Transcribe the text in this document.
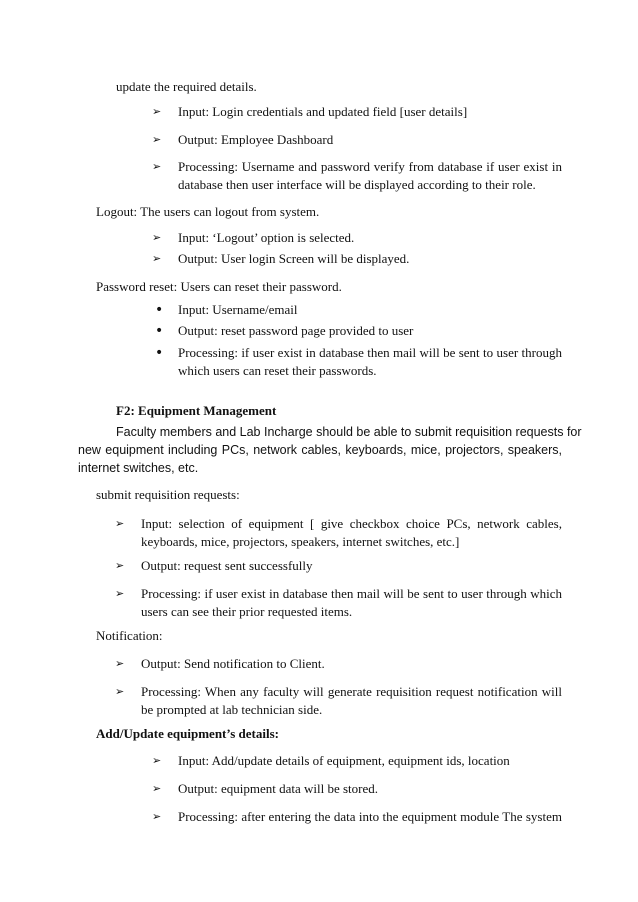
update the required details.
➢	Input: Login credentials and updated field [user details]
➢	Output: Employee Dashboard
➢	Processing: Username and password verify from database if user exist in database then user interface will be displayed according to their role.
Logout: The users can logout from system.
➢	Input: ‘Logout’ option is selected.
➢	Output: User login Screen will be displayed.
Password reset: Users can reset their password.
•	Input: Username/email
•	Output: reset password page provided to user
•	Processing: if user exist in database then mail will be sent to user through which users can reset their passwords.
F2: Equipment Management
Faculty members and Lab Incharge should be able to submit requisition requests for
new equipment including PCs, network cables, keyboards, mice, projectors, speakers,
internet switches, etc.
submit requisition requests:
➢	Input: selection of equipment [ give checkbox choice PCs, network cables, keyboards, mice, projectors, speakers, internet switches, etc.]
➢	Output: request sent successfully
➢	Processing: if user exist in database then mail will be sent to user through which users can see their prior requested items.
Notification:
➢	Output: Send notification to Client.
➢	Processing: When any faculty will generate requisition request notification will be prompted at lab technician side.
Add/Update equipment’s details:
➢	Input: Add/update details of equipment, equipment ids, location
➢	Output: equipment data will be stored.
➢	Processing: after entering the data into the equipment module The system
